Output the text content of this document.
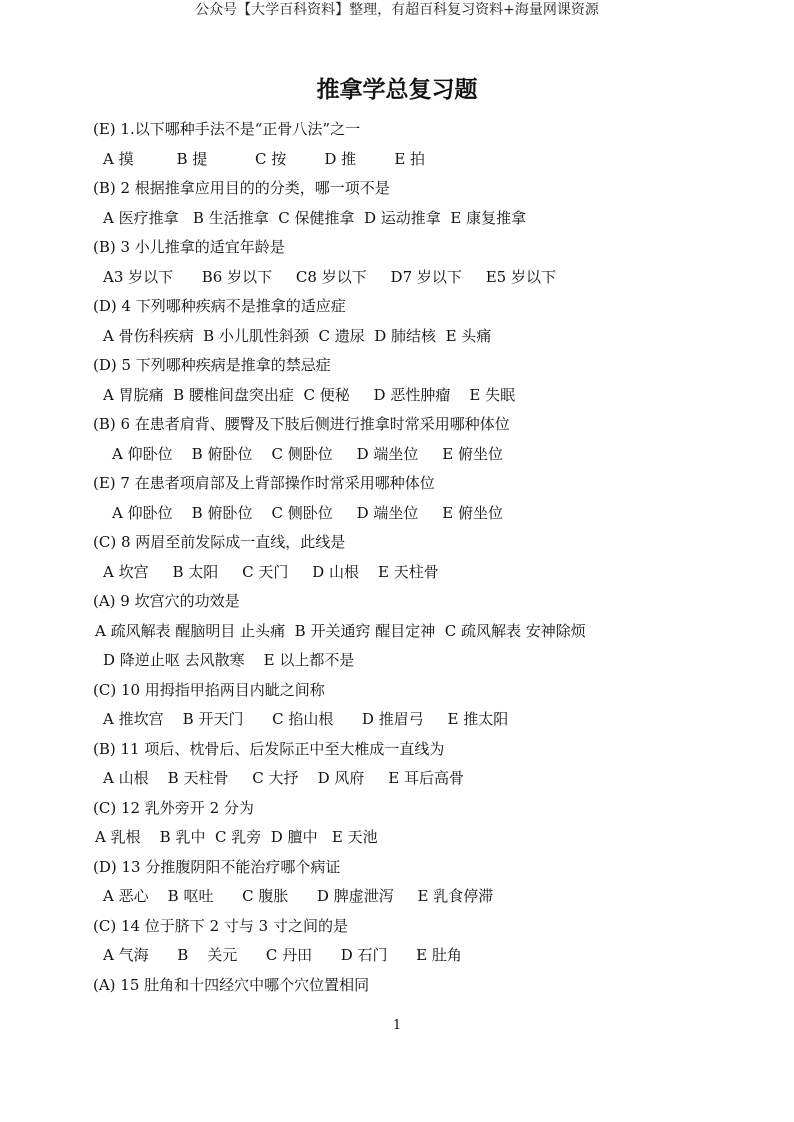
公众号【大学百科资料】整理，有超百科复习资料+海量网课资源
推拿学总复习题
(E) 1.以下哪种手法不是“正骨八法”之一
A 摸         B 提          C 按        D 推        E 拍
(B) 2 根据推拿应用目的的分类，哪一项不是
A 医疗推拿   B 生活推拿  C 保健推拿  D 运动推拿  E 康复推拿
(B) 3 小儿推拿的适宜年龄是
A3 岁以下      B6 岁以下     C8 岁以下     D7 岁以下     E5 岁以下
(D) 4 下列哪种疾病不是推拿的适应症
A 骨伤科疾病  B 小儿肌性斜颈  C 遗尿  D 肺结核  E 头痛
(D) 5 下列哪种疾病是推拿的禁忌症
A 胃脘痛  B 腰椎间盘突出症  C 便秘     D 恶性肿瘤    E 失眠
(B) 6 在患者肩背、腰臀及下肢后侧进行推拿时常采用哪种体位
A 仰卧位    B 俯卧位    C 侧卧位     D 端坐位     E 俯坐位
(E) 7 在患者项肩部及上背部操作时常采用哪种体位
A 仰卧位    B 俯卧位    C 侧卧位     D 端坐位     E 俯坐位
(C) 8 两眉至前发际成一直线，此线是
A 坎宫     B 太阳     C 天门     D 山根    E 天柱骨
(A) 9 坎宫穴的功效是
A 疏风解表 醒脑明目 止头痛  B 开关通窍 醒目定神  C 疏风解表 安神除烦
D 降逆止呕 去风散寒    E 以上都不是
(C) 10 用拇指甲掐两目内眦之间称
A 推坎宫    B 开天门      C 掐山根      D 推眉弓     E 推太阳
(B) 11 项后、枕骨后、后发际正中至大椎成一直线为
A 山根    B 天柱骨     C 大抒    D 风府     E 耳后高骨
(C) 12 乳外旁开 2 分为
A 乳根    B 乳中  C 乳旁  D 膻中   E 天池
(D) 13 分推腹阴阳不能治疗哪个病证
A 恶心    B 呕吐      C 腹胀      D 脾虚泄泻     E 乳食停滞
(C) 14 位于脐下 2 寸与 3 寸之间的是
A 气海      B    关元      C 丹田      D 石门      E 肚角
(A) 15 肚角和十四经穴中哪个穴位置相同
1
